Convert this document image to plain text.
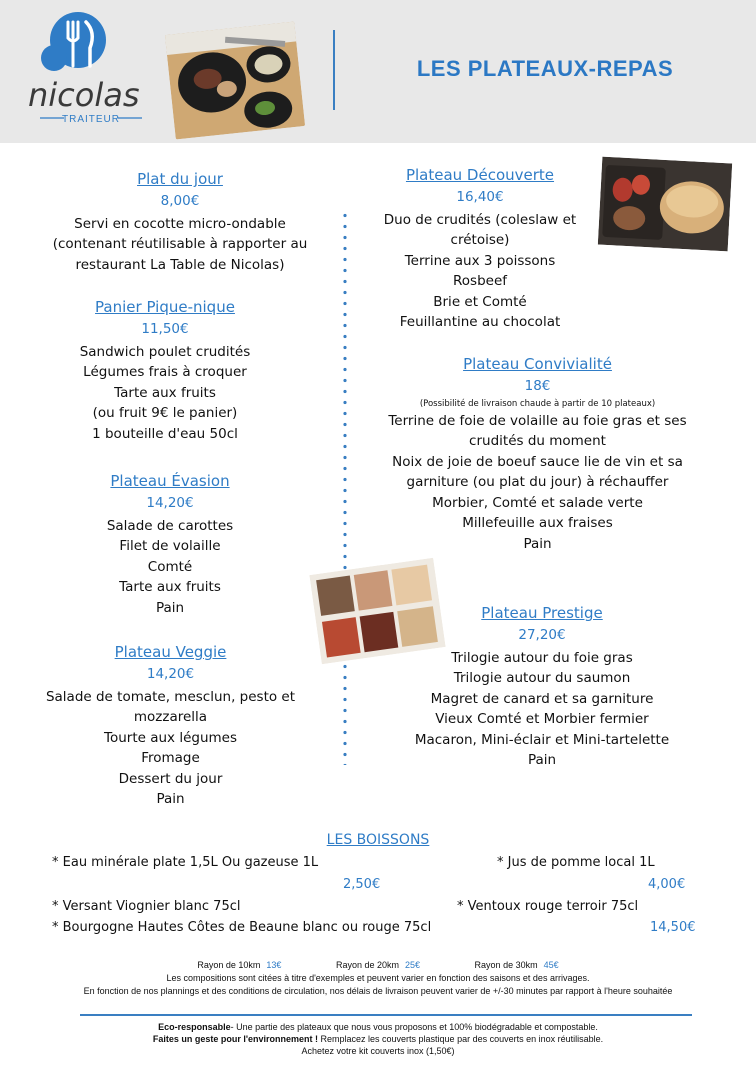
nicolas
TRAITEUR
LES PLATEAUX-REPAS
Plat du jour
8,00€
Servi en cocotte micro-ondable
(contenant réutilisable à rapporter au
restaurant La Table de Nicolas)
Panier Pique-nique
11,50€
Sandwich poulet crudités
Légumes frais à croquer
Tarte aux fruits
(ou fruit 9€ le panier)
1 bouteille d'eau 50cl
Plateau Évasion
14,20€
Salade de carottes
Filet de volaille
Comté
Tarte aux fruits
Pain
Plateau Veggie
14,20€
Salade de tomate, mesclun, pesto et
mozzarella
Tourte aux légumes
Fromage
Dessert du jour
Pain
Plateau Découverte
16,40€
Duo de crudités (coleslaw et
crétoise)
Terrine aux 3 poissons
Rosbeef
Brie et Comté
Feuillantine au chocolat
Plateau Convivialité
18€
(Possibilité de livraison chaude à partir de 10 plateaux)
Terrine de foie de volaille au foie gras et ses
crudités du moment
Noix de joie de boeuf sauce lie de vin et sa
garniture (ou plat du jour) à réchauffer
Morbier, Comté et salade verte
Millefeuille aux fraises
Pain
Plateau Prestige
27,20€
Trilogie autour du foie gras
Trilogie autour du saumon
Magret de canard et sa garniture
Vieux Comté et Morbier fermier
Macaron, Mini-éclair et Mini-tartelette
Pain
LES BOISSONS
* Eau minérale plate 1,5L Ou gazeuse 1L
2,50€
* Jus de pomme local 1L
4,00€
* Versant Viognier blanc 75cl	* Ventoux rouge terroir 75cl
* Bourgogne Hautes Côtes de Beaune blanc ou rouge 75cl	14,50€
Rayon de 10km 13€	Rayon de 20km 25€	Rayon de 30km 45€
Les compositions sont citées à titre d'exemples et peuvent varier en fonction des saisons et des arrivages.
En fonction de nos plannings et des conditions de circulation, nos délais de livraison peuvent varier de +/-30 minutes par rapport à l'heure souhaitée
Eco-responsable- Une partie des plateaux que nous vous proposons et 100% biodégradable et compostable.
Faites un geste pour l'environnement ! Remplacez les couverts plastique par des couverts en inox réutilisable.
Achetez votre kit couverts inox (1,50€)
